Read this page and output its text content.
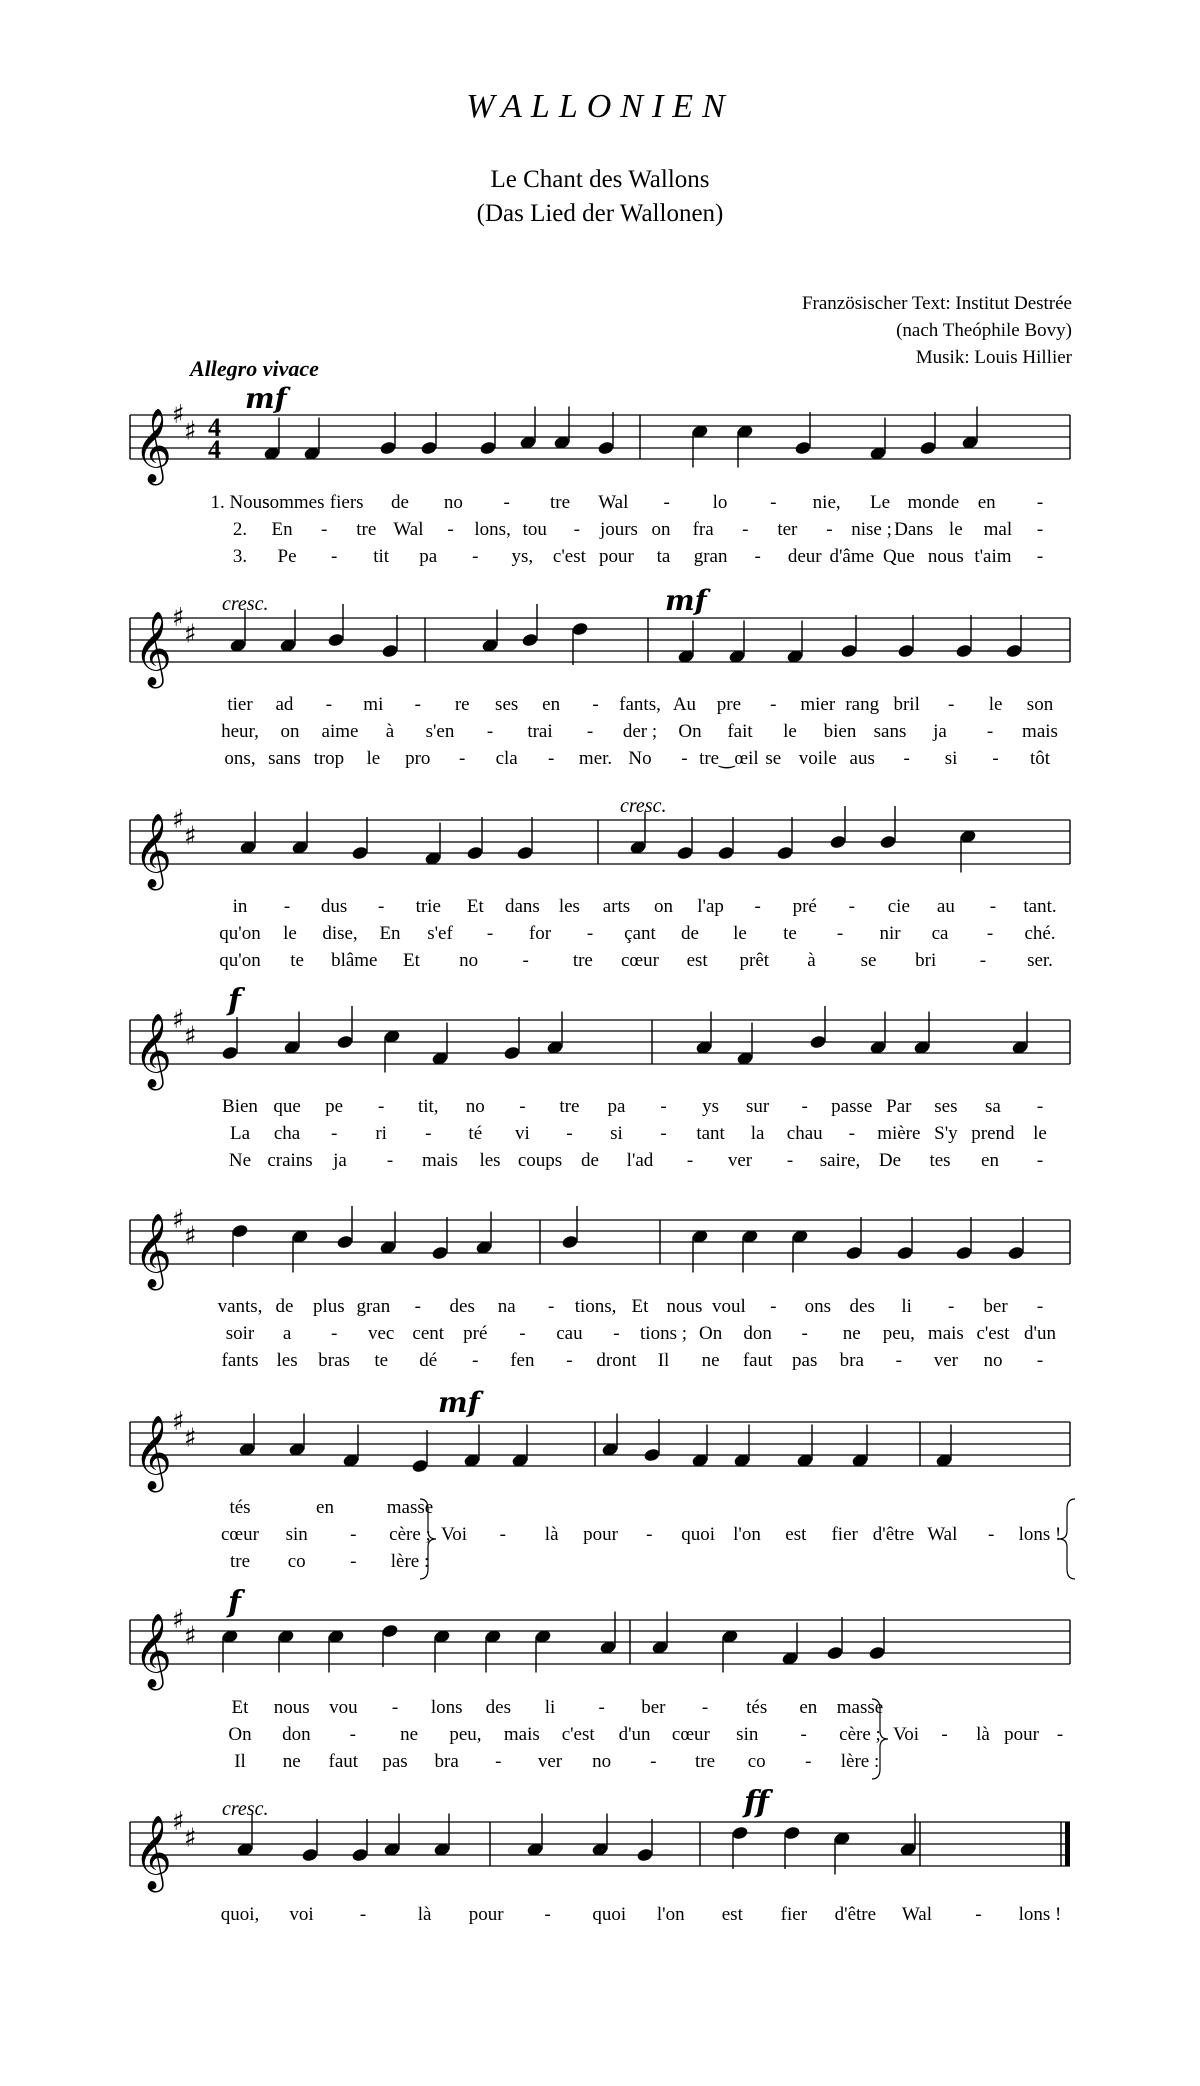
WALLONIEN
Le Chant des Wallons
(Das Lied der Wallonen)
Französischer Text: Institut Destrée
(nach Theóphile Bovy)
Musik: Louis Hillier
Allegro vivace
𝄞 ♯
♯ 4
4
𝄞 ♯
♯
𝄞 ♯
♯
𝄞 ♯
♯
𝄞 ♯
♯
𝄞 ♯
♯
𝄞 ♯
♯
𝄞 ♯
♯
mf
cresc.	mf
cresc.
f
mf
f
cresc.	ff
1. Nous
sommes fiers de no - tre Wal - lo - nie, Le monde en -
2. En - tre Wal - lons, tou - jours on fra - ter - nise ; Dans le mal -
3. Pe - tit pa - ys, c'est pour ta gran - deur d'âme Que nous t'aim -
tier ad - mi - re ses en - fants, Au pre - mier rang bril - le son
heur, on aime à s'en - trai - der ; On fait le bien sans ja - mais
ons, sans trop le pro - cla - mer. No - tre‿œil se voile aus - si - tôt
in - dus - trie Et dans les arts on l'ap - pré - cie au - tant.
qu'on le dise, En s'ef - for - çant de le te - nir ca - ché.
qu'on te blâme Et no - tre cœur est prêt à se bri - ser.
Bien que pe - tit, no - tre pa - ys sur - passe Par ses sa -
La cha - ri - té vi - si - tant la chau - mière S'y prend le
Ne crains ja - mais les coups de l'ad - ver - saire, De tes en -
vants, de plus gran - des na - tions, Et nous voul - ons des li - ber -
soir a - vec cent pré - cau - tions ; On don - ne peu, mais c'est d'un
fants les bras te dé - fen - dront Il ne faut pas bra - ver no -
tés	en	masse
cœur sin - cère ;
tre co - lère :
Voi - là pour - quoi l'on est fier d'être Wal - lons !
Et nous vou - lons des li - ber - tés en masse
On don - ne peu, mais c'est d'un cœur sin - cère ;
Il ne faut pas bra - ver no - tre co - lère :
Voi - là pour -
quoi, voi -	là pour - quoi l'on est fier d'être Wal - lons !
